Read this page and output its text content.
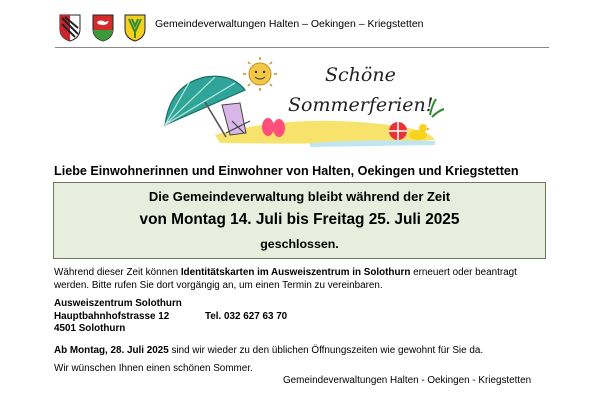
Gemeindeverwaltungen Halten – Oekingen – Kriegstetten
Schöne
Sommerferien!
Liebe Einwohnerinnen und Einwohner von Halten, Oekingen und Kriegstetten
Die Gemeindeverwaltung bleibt während der Zeit
von Montag 14. Juli bis Freitag 25. Juli 2025
geschlossen.
Während dieser Zeit können Identitätskarten im Ausweiszentrum in Solothurn erneuert oder beantragt werden. Bitte rufen Sie dort vorgängig an, um einen Termin zu vereinbaren.
Ausweiszentrum Solothurn
Hauptbahnhofstrasse 12	Tel. 032 627 63 70
4501 Solothurn
Ab Montag, 28. Juli 2025 sind wir wieder zu den üblichen Öffnungszeiten wie gewohnt für Sie da.
Wir wünschen Ihnen einen schönen Sommer.
Gemeindeverwaltungen Halten - Oekingen - Kriegstetten
